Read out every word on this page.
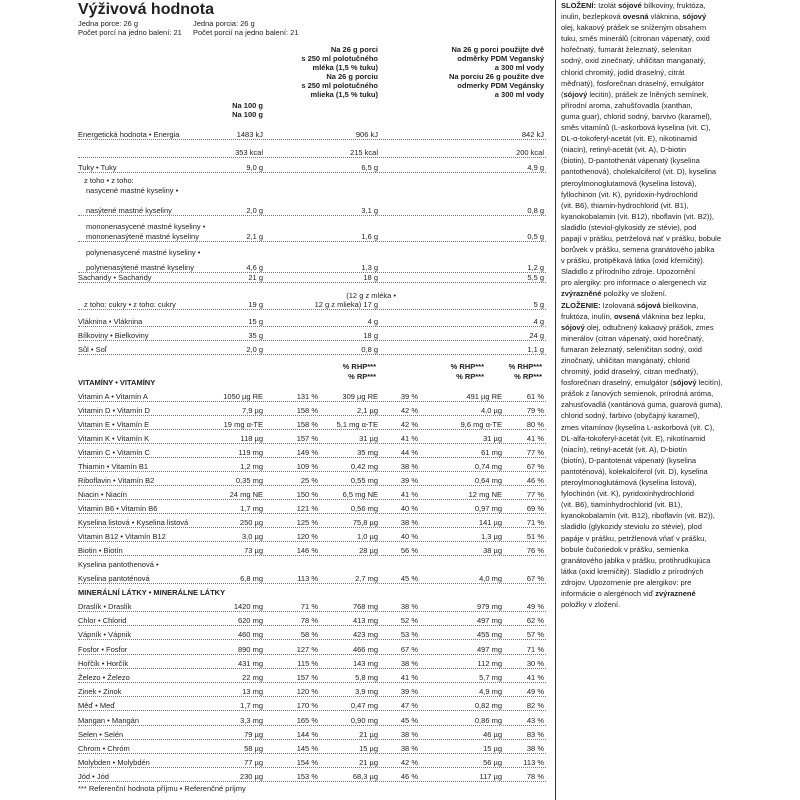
Výživová hodnota
Jedna porce: 26 g	Jedna porcia: 26 g
Počet porcí na jedno balení: 21	Počet porcií na jedno balení: 21
Na 100 g
Na 100 g
Na 26 g porci
s 250 ml polotučného
mléka (1,5 % tuku)
Na 26 g porciu
s 250 ml polotučného
mlieka (1,5 % tuku)
Na 26 g porci použijte dvě
odměrky PDM Veganský
a 300 ml vody
Na porciu 26 g použite dve
odmerky PDM Vegánsky
a 300 ml vody
Energetická hodnota • Energia	1483 kJ	906 kJ	842 kJ
353 kcal	215 kcal	200 kcal
Tuky • Tuky	9,0 g	6,5 g	4,9 g
z toho • z toho:
nasycené mastné kyseliny •
nasýtené mastné kyseliny	2,0 g	3,1 g	0,8 g
mononenasycené mastné kyseliny •
mononenasýtené mastné kyseliny	2,1 g	1,6 g	0,5 g
polynenasycené mastné kyseliny •
polynenasýtené mastné kyseliny	4,6 g	1,3 g	1,2 g
Sacharidy • Sacharidy	21 g	18 g	5,5 g
(12 g z mléka •
z toho: cukry • z toho: cukry	19 g	12 g z mlieka) 17 g	5 g
Vláknina • Vláknina	15 g	4 g	4 g
Bílkoviny • Bielkoviny	35 g	18 g	24 g
Sůl • Soľ	2,0 g	0,8 g	1,1 g
% RHP***
% RP***
% RHP***
% RP***
% RHP***
% RP***
VITAMÍNY • VITAMÍNY
Vitamin A • Vitamín A	1050 µg RE	131 %	309 µg RE	39 %	491 µg RE	61 %
Vitamin D • Vitamín D	7,9 µg	158 %	2,1 µg	42 %	4,0 µg	79 %
Vitamin E • Vitamín E	19 mg α-TE	158 % 5,1 mg α-TE	42 %	9,6 mg α-TE	80 %
Vitamin K • Vitamín K	118 µg	157 %	31 µg	41 %	31 µg	41 %
Vitamin C • Vitamín C	119 mg	149 %	35 mg	44 %	61 mg	77 %
Thiamin • Vitamín B1	1,2 mg	109 %	0,42 mg	38 %	0,74 mg	67 %
Riboflavin • Vitamín B2	0,35 mg	25 %	0,55 mg	39 %	0,64 mg	46 %
Niacin • Niacín	24 mg NE	150 %	6,5 mg NE	41 %	12 mg NE	77 %
Vitamin B6 • Vitamín B6	1,7 mg	121 %	0,56 mg	40 %	0,97 mg	69 %
Kyselina listová • Kyselina listová	250 µg	125 %	75,8 µg	38 %	141 µg	71 %
Vitamin B12 • Vitamín B12	3,0 µg	120 %	1,0 µg	40 %	1,3 µg	51 %
Biotin • Biotín	73 µg	146 %	28 µg	56 %	38 µg	76 %
Kyselina pantothenová •
Kyselina pantoténová	6,8 mg	113 %	2,7 mg	45 %	4,0 mg	67 %
MINERÁLNÍ LÁTKY • MINERÁLNE LÁTKY
Draslík • Draslík	1420 mg	71 %	768 mg	38 %	979 mg	49 %
Chlor • Chlorid	620 mg	78 %	413 mg	52 %	497 mg	62 %
Vápník • Vápnik	460 mg	58 %	423 mg	53 %	455 mg	57 %
Fosfor • Fosfor	890 mg	127 %	466 mg	67 %	497 mg	71 %
Hořčík • Horčík	431 mg	115 %	143 mg	38 %	112 mg	30 %
Železo • Železo	22 mg	157 %	5,8 mg	41 %	5,7 mg	41 %
Zinek • Zinok	13 mg	120 %	3,9 mg	39 %	4,9 mg	49 %
Měď • Meď	1,7 mg	170 %	0,47 mg	47 %	0,82 mg	82 %
Mangan • Mangán	3,3 mg	165 %	0,90 mg	45 %	0,86 mg	43 %
Selen • Selén	79 µg	144 %	21 µg	38 %	46 µg	83 %
Chrom • Chróm	58 µg	145 %	15 µg	38 %	15 µg	38 %
Molybden • Molybdén	77 µg	154 %	21 µg	42 %	56 µg	113 %
Jód • Jód	230 µg	153 %	68,3 µg	46 %	117 µg	78 %
*** Referenční hodnota příjmu • Referenčné príjmy
SLOŽENÍ: Izolát sójové bílkoviny, fruktóza,
inulin, bezlepková ovesná vláknina, sójový
olej, kakaový prášek se sníženým obsahem
tuku, směs minerálů (citronan vápenatý, oxid
hořečnatý, fumarát železnatý, selenitan
sodný, oxid zinečnatý, uhličitan manganatý,
chlorid chromitý, jodid draselný, citrát
měďnatý), fosforečnan draselný, emulgátor
(sójový lecitin), prášek ze lněných semínek,
přírodní aroma, zahušťovadla (xanthan,
guma guar), chlorid sodný, barvivo (karamel),
směs vitamínů (L-askorbová kyselina (vit. C),
DL-α-tokoferyl-acetát (vit. E), nikotinamid
(niacin), retinyl-acetát (vit. A), D-biotin
(biotin), D-pantothenát vápenatý (kyselina
pantothenová), cholekalciferol (vit. D), kyselina
pteroylmonoglutamová (kyselina listová),
fyllochinon (vit. K), pyridoxin-hydrochlorid
(vit. B6), thiamin-hydrochlorid (vit. B1),
kyanokobalamin (vit. B12), riboflavin (vit. B2)),
sladidlo (steviol-glykosidy ze stévie), pod
papají v prášku, petrželová nať v prášku, bobule
borůvek v prášku, semena granátového jablka
v prášku, protipěkavá látka (oxid křemičitý).
Sladidlo z přírodního zdroje. Upozornění
pro alergiky: pro informace o alergenech viz
zvýrazněné položky ve složení.
ZLOŽENIE: Izolovaná sójová bielkovina,
fruktóza, inulín, ovsená vláknina bez lepku,
sójový olej, odtučnený kakaový prášok, zmes
minerálov (citran vápenatý, oxid horečnatý,
fumaran železnatý, seleničitan sodný, oxid
zinočnatý, uhličitan mangánatý, chlorid
chromitý, jodid draselný, citran meďnatý),
fosforečnan draselný, emulgátor (sójový lecitín),
prášok z ľanových semienok, prírodná aróma,
zahusťovadlá (xantánová guma, guarová guma),
chlorid sodný, farbivo (obyčajný karamel),
zmes vitamínov (kyselina L-askorbová (vit. C),
DL-alfa-tokoferyl-acetát (vit. E), nikotínamid
(niacín), retinyl-acetát (vit. A), D-biotín
(biotín), D-pantotenát vápenatý (kyselina
pantoténová), kolekalciferol (vit. D), kyselina
pteroylmonoglutámová (kyselina listová),
fylochinón (vit. K), pyridoxínhydrochlorid
(vit. B6), tiamínhydrochlorid (vit. B1),
kyanokobalamín (vit. B12), riboflavín (vit. B2)),
sladidlo (glykozidy steviolu zo stévie), plod
papáje v prášku, petržlenová vňať v prášku,
bobule čučoriedok v prášku, semienka
granátového jablka v prášku, protihrudkujúca
látka (oxid kremičitý). Sladidlo z prírodných
zdrojov. Upozornenie pre alergikov: pre
informácie o alergénoch viď zvýraznené
položky v zložení.
